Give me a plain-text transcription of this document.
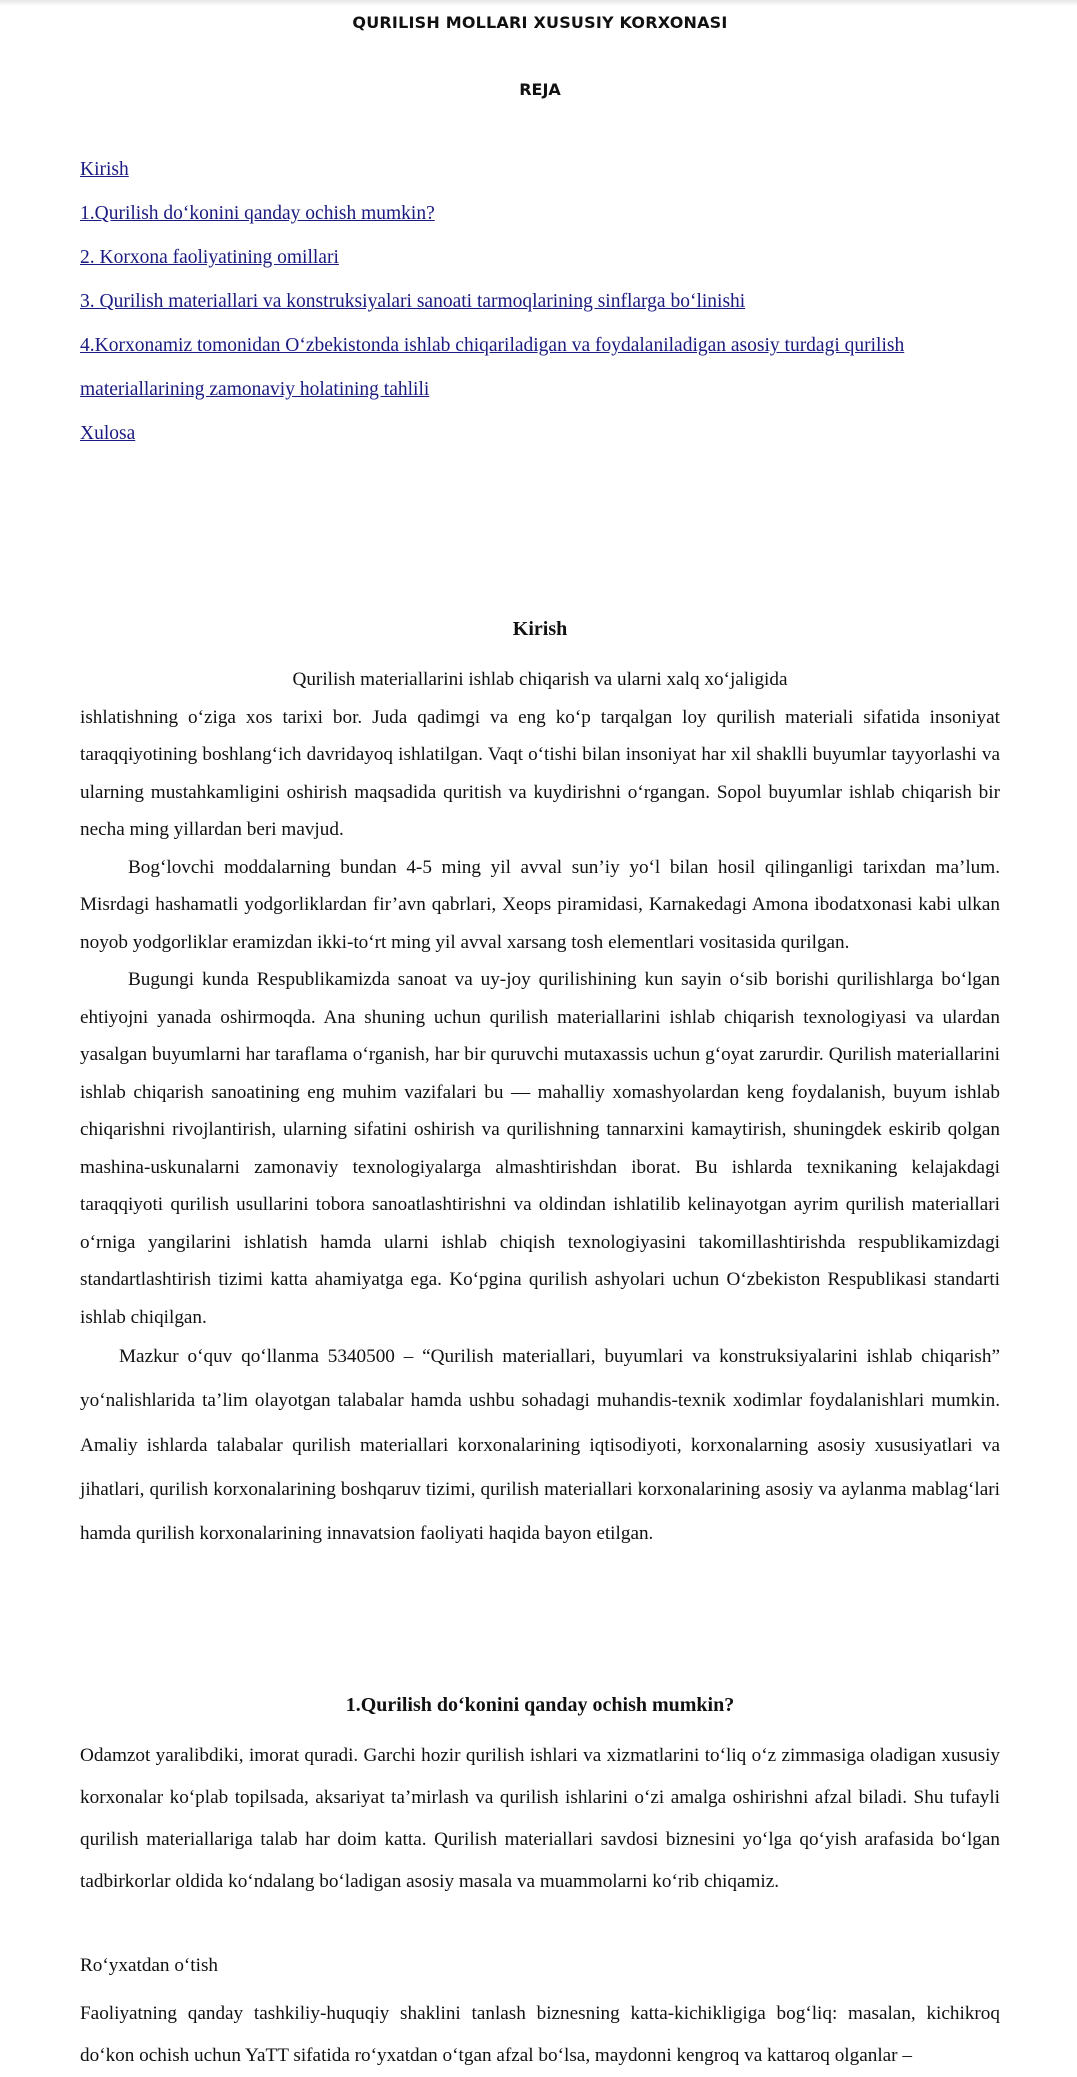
QURILISH MOLLARI XUSUSIY KORXONASI
REJA
Kirish
1.Qurilish do‘konini qanday ochish mumkin?
2. Korxona faoliyatining omillari
3. Qurilish materiallari va konstruksiyalari sanoati tarmoqlarining sinflarga bo‘linishi
4.Korxonamiz tomonidan O‘zbekistonda ishlab chiqariladigan va foydalaniladigan asosiy turdagi qurilish materiallarining zamonaviy holatining tahlili
Xulosa
Kirish

Qurilish materiallarini ishlab chiqarish va ularni xalq xo‘jaligida

ishlatishning o‘ziga xos tarixi bor. Juda qadimgi va eng ko‘p tarqalgan loy qurilish materiali sifatida insoniyat taraqqiyotining boshlang‘ich davridayoq ishlatilgan. Vaqt o‘tishi bilan insoniyat har xil shaklli buyumlar tayyorlashi va ularning mustahkamligini oshirish maqsadida quritish va kuydirishni o‘rgangan. Sopol buyumlar ishlab chiqarish bir necha ming yillardan beri mavjud.

Bog‘lovchi moddalarning bundan 4-5 ming yil avval sun’iy yo‘l bilan hosil qilinganligi tarixdan ma’lum. Misrdagi hashamatli yodgorliklardan fir’avn qabrlari, Xeops piramidasi, Karnakedagi Amona ibodatxonasi kabi ulkan noyob yodgorliklar eramizdan ikki-to‘rt ming yil avval xarsang tosh elementlari vositasida qurilgan.

Bugungi kunda Respublikamizda sanoat va uy-joy qurilishining kun sayin o‘sib borishi qurilishlarga bo‘lgan ehtiyojni yanada oshirmoqda. Ana shuning uchun qurilish materiallarini ishlab chiqarish texnologiyasi va ulardan yasalgan buyumlarni har taraflama o‘rganish, har bir quruvchi mutaxassis uchun g‘oyat zarurdir. Qurilish materiallarini ishlab chiqarish sanoatining eng muhim vazifalari bu — mahalliy xomashyolardan keng foydalanish, buyum ishlab chiqarishni rivojlantirish, ularning sifatini oshirish va qurilishning tannarxini kamaytirish, shuningdek eskirib qolgan mashina-uskunalarni zamonaviy texnologiyalarga almashtirishdan iborat. Bu ishlarda texnikaning kelajakdagi taraqqiyoti qurilish usullarini tobora sanoatlashtirishni va oldindan ishlatilib kelinayotgan ayrim qurilish materiallari o‘rniga yangilarini ishlatish hamda ularni ishlab chiqish texnologiyasini takomillashtirishda respublikamizdagi standartlashtirish tizimi katta ahamiyatga ega. Ko‘pgina qurilish ashyolari uchun O‘zbekiston Respublikasi standarti ishlab chiqilgan.

Mazkur o‘quv qo‘llanma 5340500 – “Qurilish materiallari, buyumlari va konstruksiyalarini ishlab chiqarish” yo‘nalishlarida ta’lim olayotgan talabalar hamda ushbu sohadagi muhandis-texnik xodimlar foydalanishlari mumkin. Amaliy ishlarda talabalar qurilish materiallari korxonalarining iqtisodiyoti, korxonalarning asosiy xususiyatlari va jihatlari, qurilish korxonalarining boshqaruv tizimi, qurilish materiallari korxonalarining asosiy va aylanma mablag‘lari hamda qurilish korxonalarining innavatsion faoliyati haqida bayon etilgan.

1.Qurilish do‘konini qanday ochish mumkin?

Odamzot yaralibdiki, imorat quradi. Garchi hozir qurilish ishlari va xizmatlarini to‘liq o‘z zimmasiga oladigan xususiy korxonalar ko‘plab topilsada, aksariyat ta’mirlash va qurilish ishlarini o‘zi amalga oshirishni afzal biladi. Shu tufayli qurilish materiallariga talab har doim katta. Qurilish materiallari savdosi biznesini yo‘lga qo‘yish arafasida bo‘lgan tadbirkorlar oldida ko‘ndalang bo‘ladigan asosiy masala va muammolarni ko‘rib chiqamiz.

Ro‘yxatdan o‘tish
Faoliyatning qanday tashkiliy-huquqiy shaklini tanlash biznesning katta-kichikligiga bog‘liq: masalan, kichikroq do‘kon ochish uchun YaTT sifatida ro‘yxatdan o‘tgan afzal bo‘lsa, maydonni kengroq va kattaroq olganlar –
